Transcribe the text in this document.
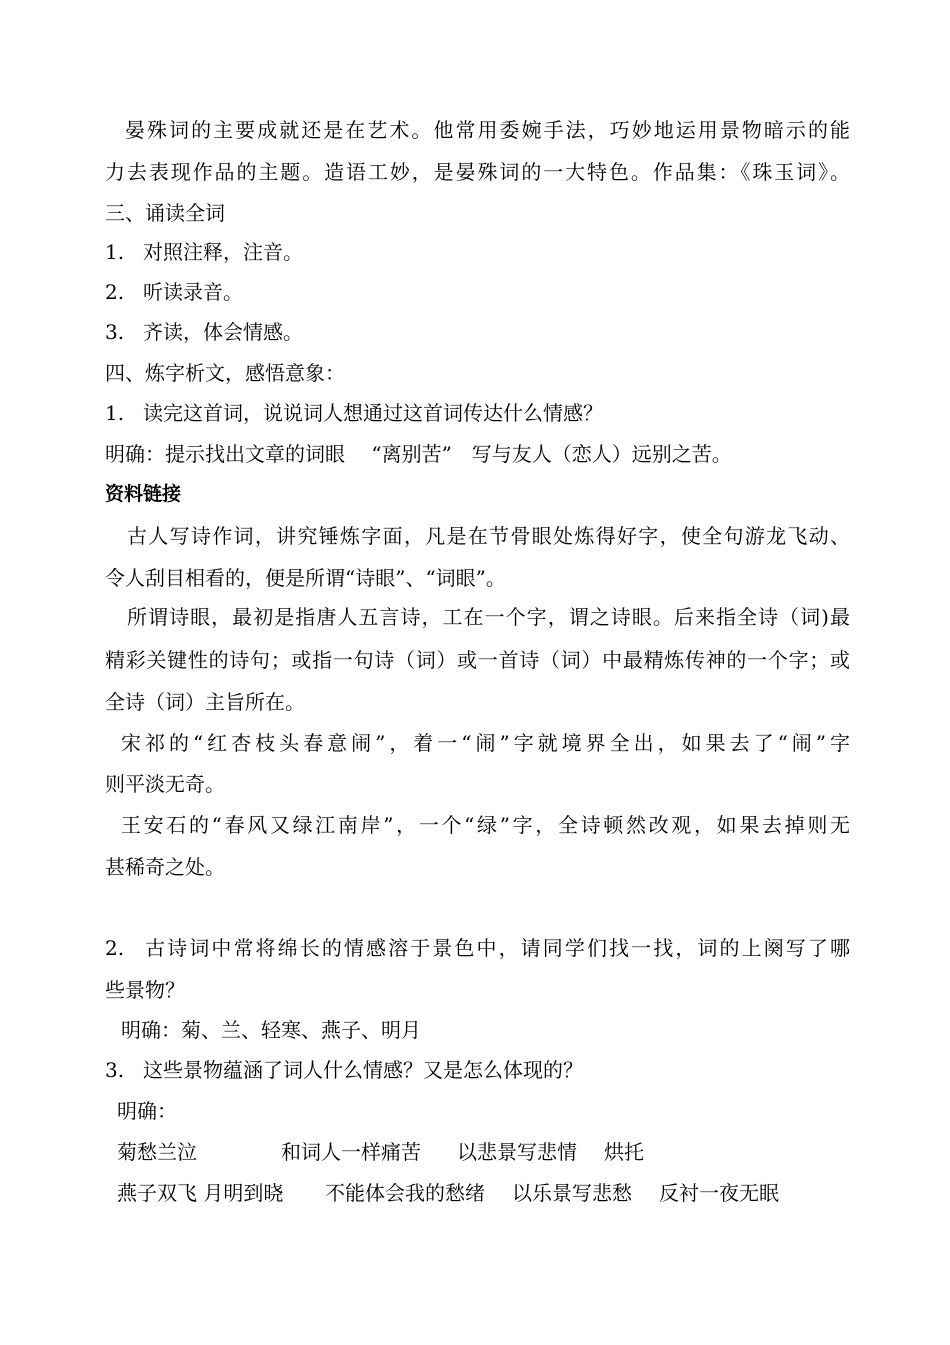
晏殊词的主要成就还是在艺术。他常用委婉手法，巧妙地运用景物暗示的能
力去表现作品的主题。造语工妙，是晏殊词的一大特色。作品集：《珠玉词》。
三、诵读全词
1. 对照注释，注音。
2. 听读录音。
3. 齐读，体会情感。
四、炼字析文，感悟意象：
1. 读完这首词，说说词人想通过这首词传达什么情感？
明确：提示找出文章的词眼　 “离别苦”　写与友人（恋人）远别之苦。
资料链接
古人写诗作词，讲究锤炼字面，凡是在节骨眼处炼得好字，使全句游龙飞动、
令人刮目相看的，便是所谓“诗眼”、“词眼”。
所谓诗眼，最初是指唐人五言诗，工在一个字，谓之诗眼。后来指全诗（词)最
精彩关键性的诗句；或指一句诗（词）或一首诗（词）中最精炼传神的一个字；或
全诗（词）主旨所在。
宋祁的“红杏枝头春意闹”，着一“闹”字就境界全出，如果去了“闹”字
则平淡无奇。
王安石的“春风又绿江南岸”，一个“绿”字，全诗顿然改观，如果去掉则无
甚稀奇之处。
2. 古诗词中常将绵长的情感溶于景色中，请同学们找一找，词的上阕写了哪
些景物？
明确：菊、兰、轻寒、燕子、明月
3. 这些景物蕴涵了词人什么情感？又是怎么体现的？
明确：
菊愁兰泣	和词人一样痛苦 以悲景写悲情 烘托
燕子双飞 月明到晓 不能体会我的愁绪 以乐景写悲愁 反衬一夜无眠
